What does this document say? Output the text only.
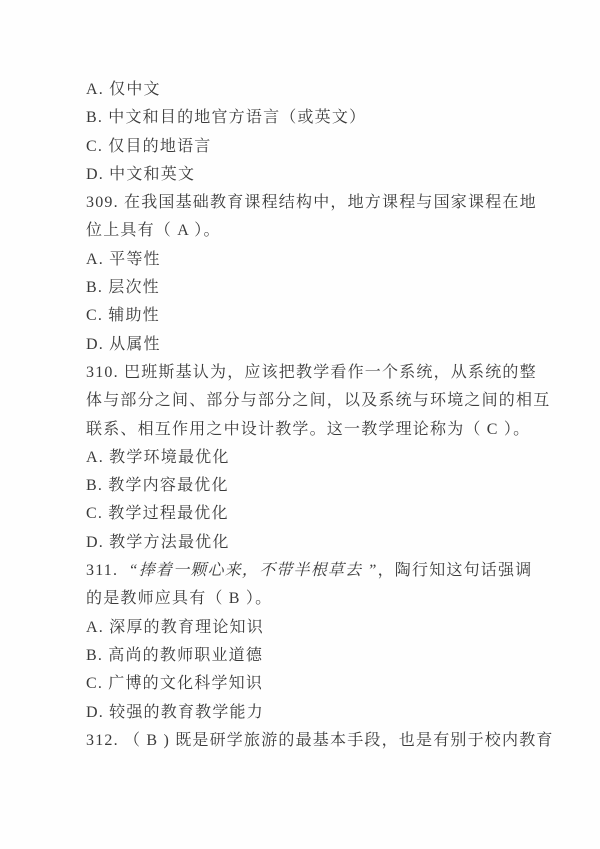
A. 仅中文
B. 中文和目的地官方语言（或英文）
C. 仅目的地语言
D. 中文和英文
309. 在我国基础教育课程结构中，地方课程与国家课程在地
位上具有（ A ）。
A. 平等性
B. 层次性
C. 辅助性
D. 从属性
310. 巴班斯基认为，应该把教学看作一个系统，从系统的整
体与部分之间、部分与部分之间，以及系统与环境之间的相互
联系、相互作用之中设计教学。这一教学理论称为（ C ）。
A. 教学环境最优化
B. 教学内容最优化
C. 教学过程最优化
D. 教学方法最优化
311.  “捧着一颗心来，不带半根草去 ”，陶行知这句话强调
的是教师应具有（ B ）。
A. 深厚的教育理论知识
B. 高尚的教师职业道德
C. 广博的文化科学知识
D. 较强的教育教学能力
312. （ B ) 既是研学旅游的最基本手段，也是有别于校内教育
